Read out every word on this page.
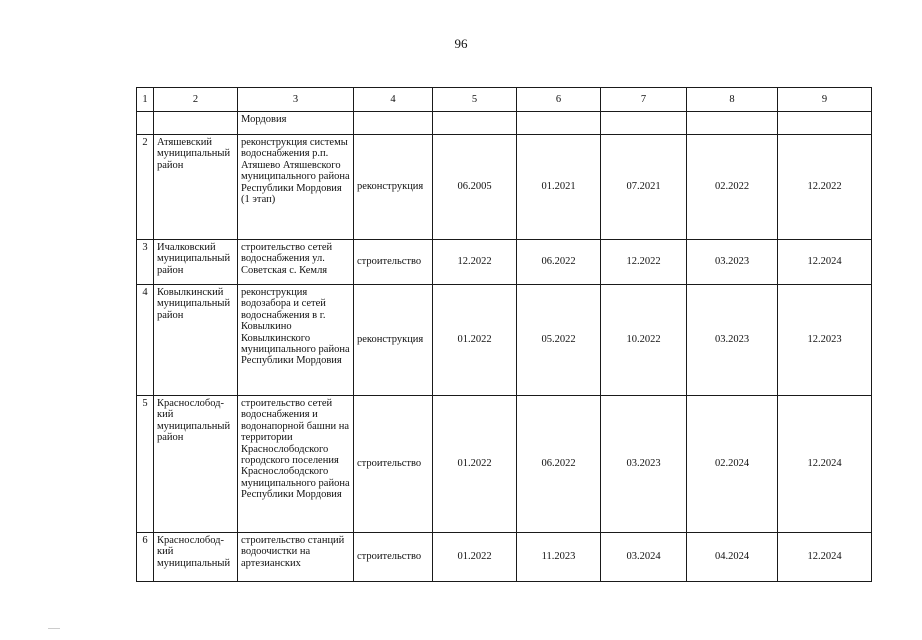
96
1	2	3	4	5	6	7	8	9
		Мордовия						
2	Атяшевский муниципальный район	реконструкция системы водоснабжения р.п. Атяшево Атяшевского муниципального района Республики Мордовия (1 этап)	реконструкция	06.2005	01.2021	07.2021	02.2022	12.2022
3	Ичалковский муниципальный район	строительство сетей водоснабжения ул. Советская с. Кемля	строительство	12.2022	06.2022	12.2022	03.2023	12.2024
4	Ковылкинский муниципальный район	реконструкция водозабора и сетей водоснабжения в г. Ковылкино Ковылкинского муниципального района Республики Мордовия	реконструкция	01.2022	05.2022	10.2022	03.2023	12.2023
5	Краснослобод-кий муниципальный район	строительство сетей водоснабжения и водонапорной башни на территории Краснослободского городского поселения Краснослободского муниципального района Республики Мордовия	строительство	01.2022	06.2022	03.2023	02.2024	12.2024
6	Краснослобод-кий муниципальный	строительство станций водоочистки на артезианских	строительство	01.2022	11.2023	03.2024	04.2024	12.2024
